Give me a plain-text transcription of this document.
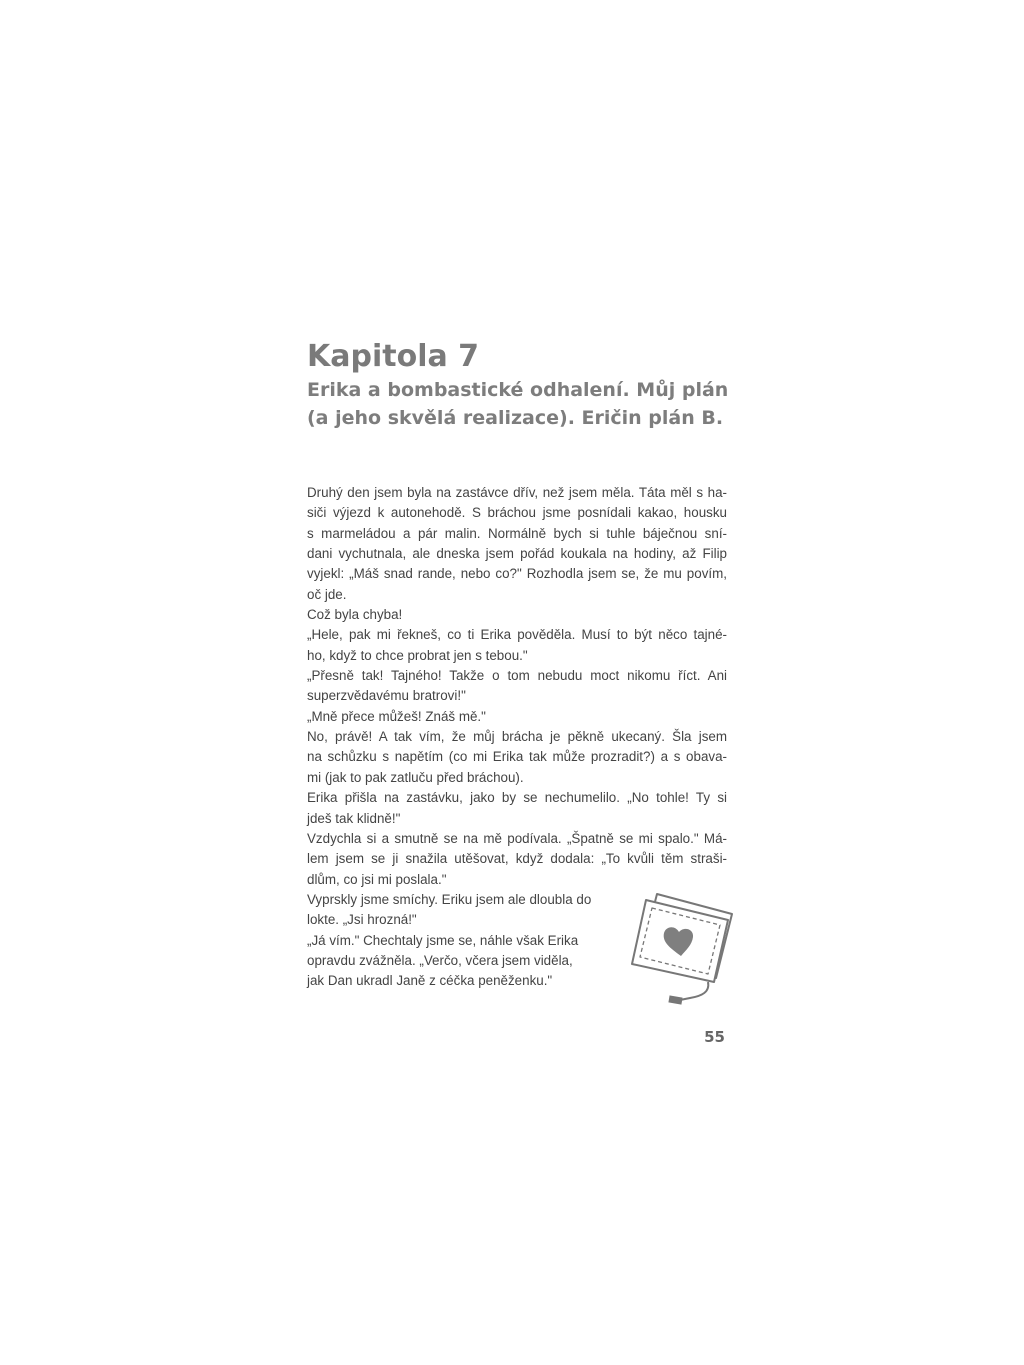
Kapitola 7
Erika a bombastické odhalení. Můj plán
(a jeho skvělá realizace). Eričin plán B.
Druhý den jsem byla na zastávce dřív, než jsem měla. Táta měl s ha-
siči výjezd k autonehodě. S bráchou jsme posnídali kakao, housku
s marmeládou a pár malin. Normálně bych si tuhle báječnou sní-
dani vychutnala, ale dneska jsem pořád koukala na hodiny, až Filip
vyjekl: „Máš snad rande, nebo co?" Rozhodla jsem se, že mu povím,
oč jde.
Což byla chyba!
„Hele, pak mi řekneš, co ti Erika pověděla. Musí to být něco tajné-
ho, když to chce probrat jen s tebou."
„Přesně tak! Tajného! Takže o tom nebudu moct nikomu říct. Ani
superzvědavému bratrovi!"
„Mně přece můžeš! Znáš mě."
No, právě! A tak vím, že můj brácha je pěkně ukecaný. Šla jsem
na schůzku s napětím (co mi Erika tak může prozradit?) a s obava-
mi (jak to pak zatluču před bráchou).
Erika přišla na zastávku, jako by se nechumelilo. „No tohle! Ty si
jdeš tak klidně!"
Vzdychla si a smutně se na mě podívala. „Špatně se mi spalo." Má-
lem jsem se ji snažila utěšovat, když dodala: „To kvůli těm straši-
dlům, co jsi mi poslala."
Vyprskly jsme smíchy. Eriku jsem ale dloubla do
lokte. „Jsi hrozná!"
„Já vím." Chechtaly jsme se, náhle však Erika
opravdu zvážněla. „Verčo, včera jsem viděla,
jak Dan ukradl Janě z céčka peněženku."
55
